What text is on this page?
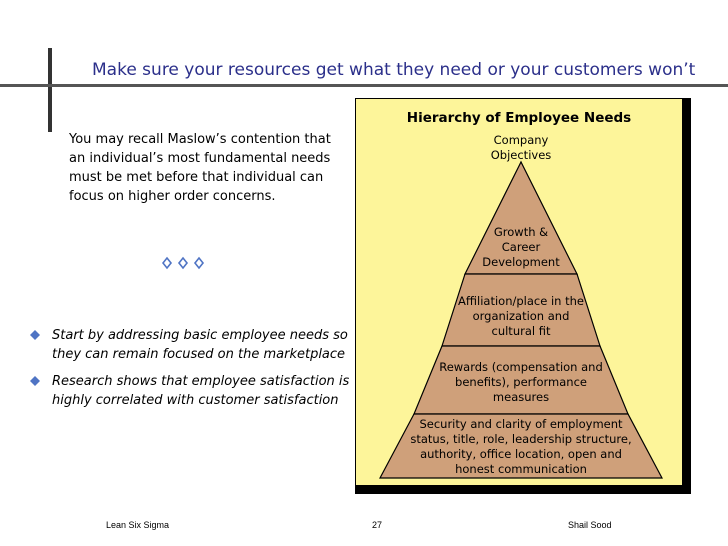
Make sure your resources get what they need or your customers won’t
You may recall Maslow’s contention that an individual’s most fundamental needs must be met before that individual can focus on higher order concerns.
Start by addressing basic employee needs so they can remain focused on the marketplace
Research shows that employee satisfaction is highly correlated with customer satisfaction
Hierarchy of Employee Needs
Company Objectives
Growth & Career Development
Affiliation/place in the organization and cultural fit
Rewards (compensation and benefits), performance measures
Security and clarity of employment status, title, role, leadership structure, authority, office location, open and honest communication
Lean Six Sigma	27	Shail Sood
